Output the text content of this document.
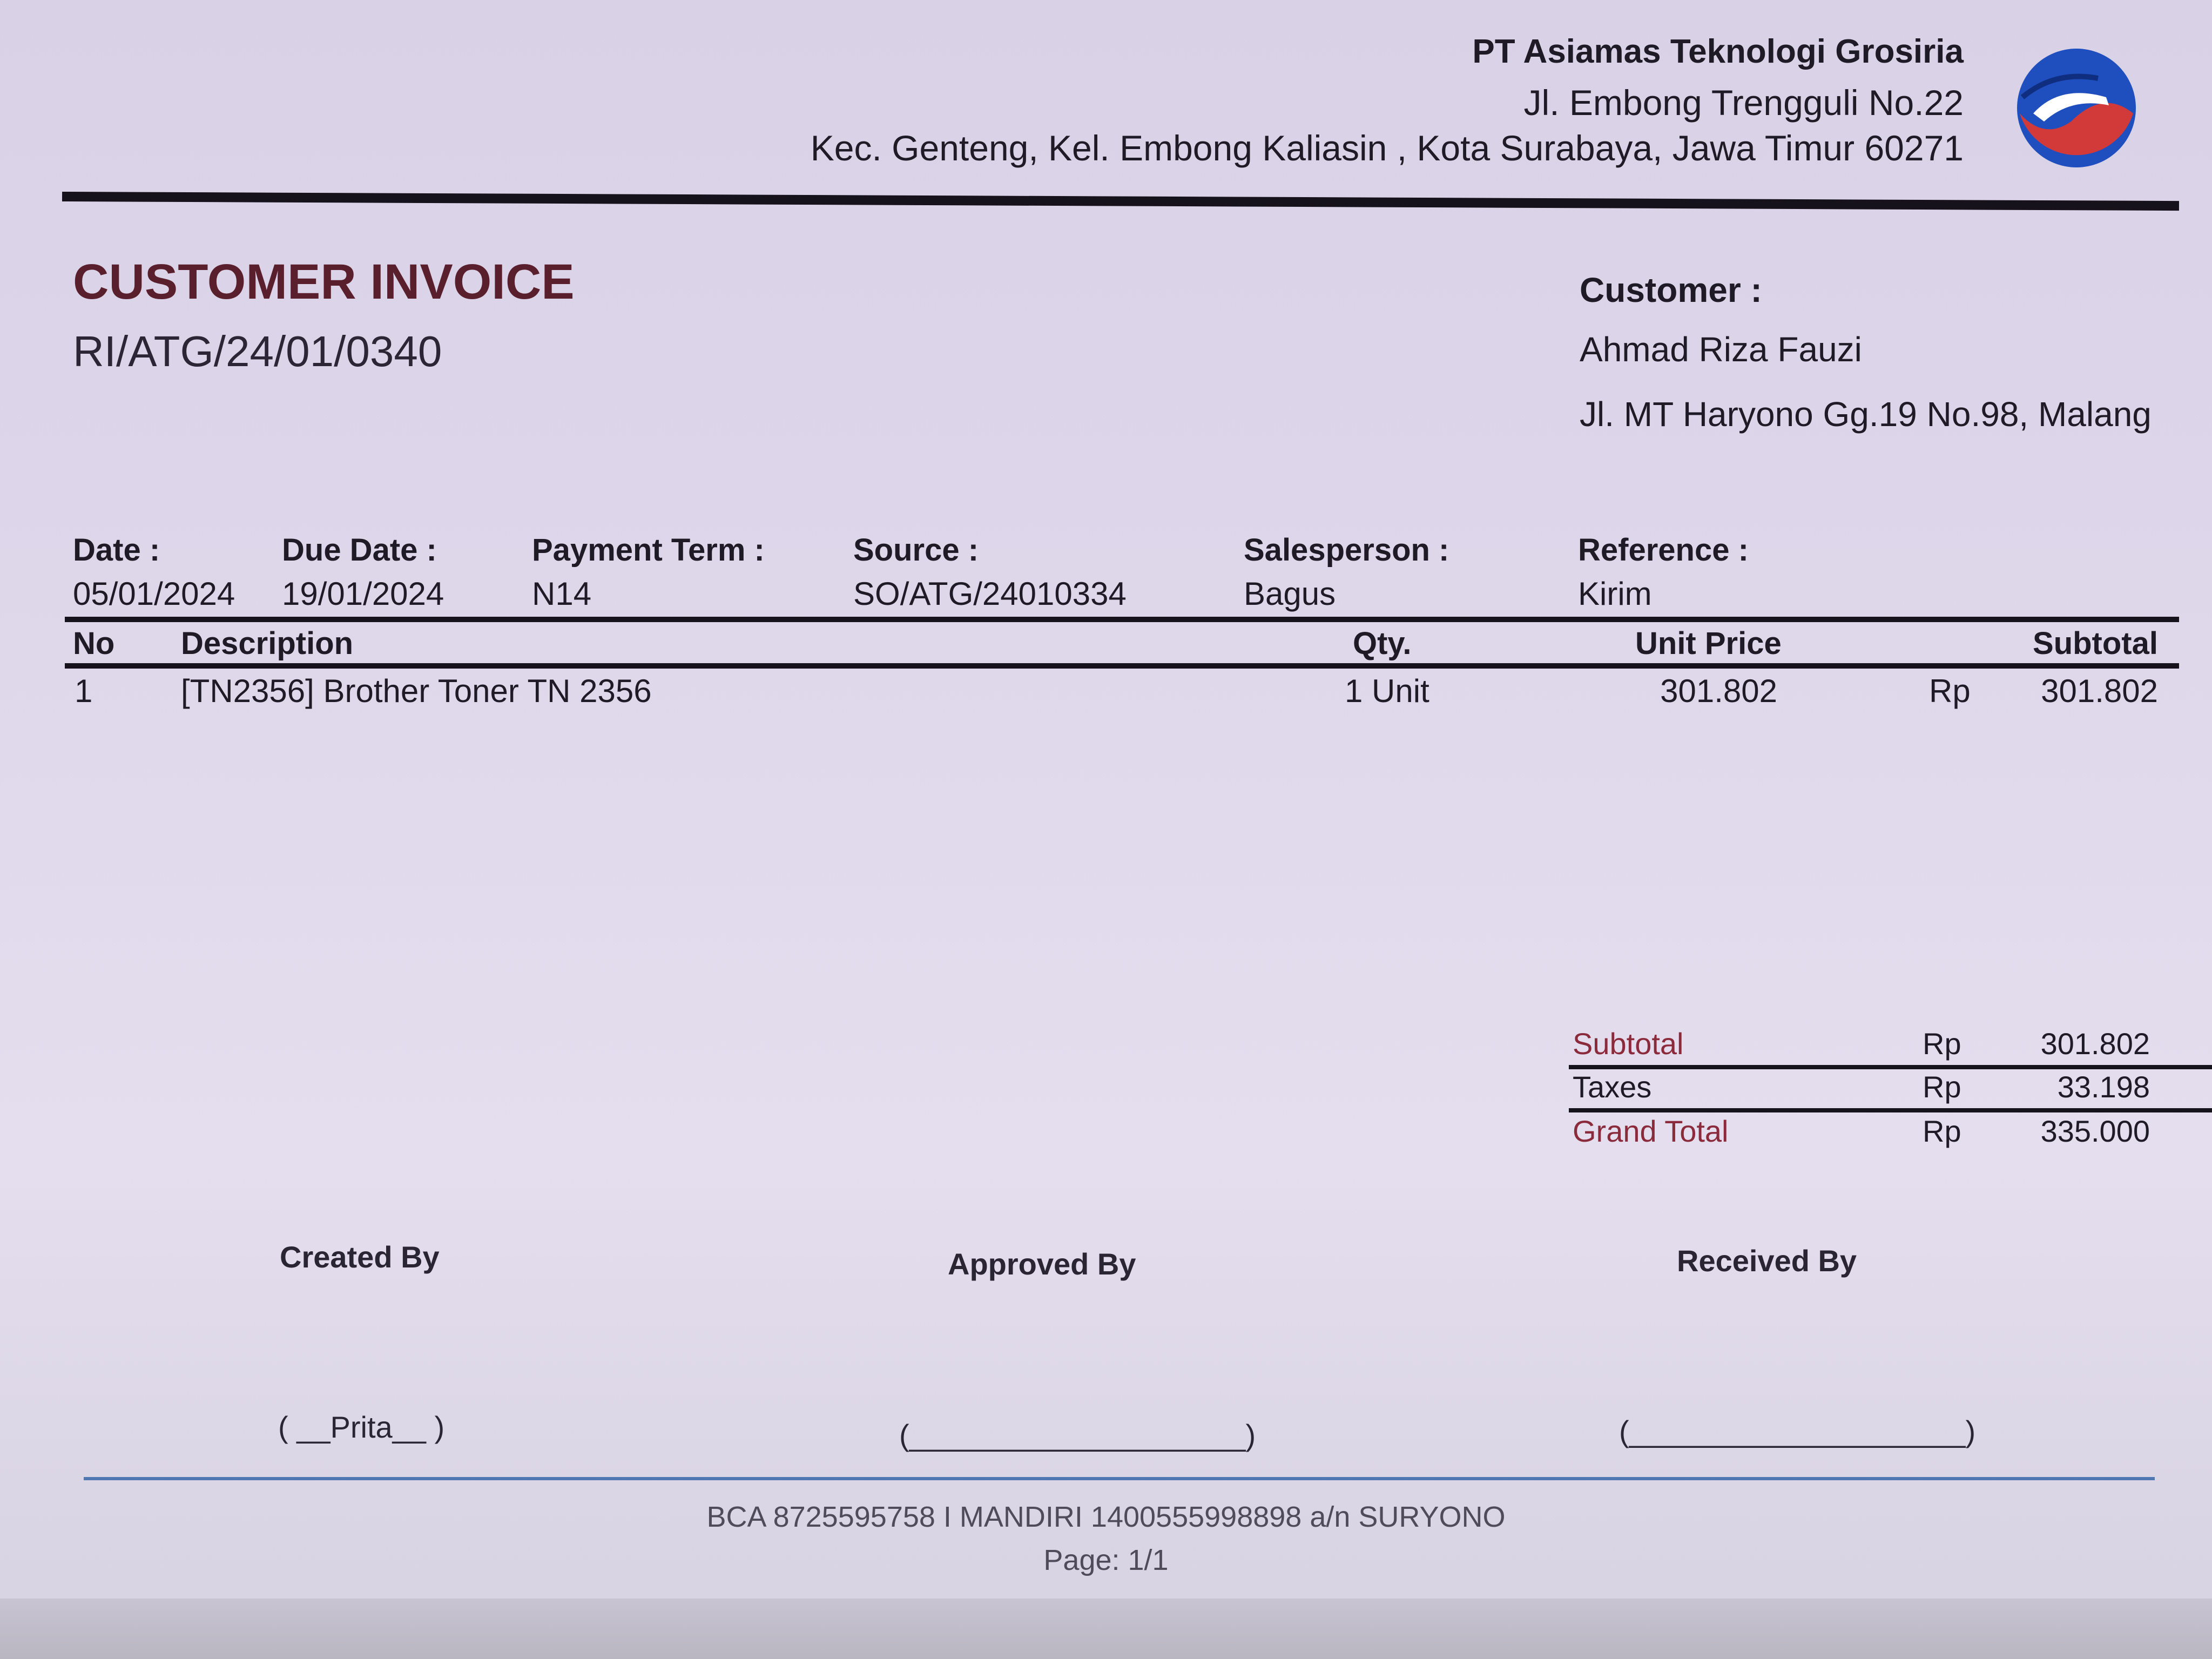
PT Asiamas Teknologi Grosiria
Jl. Embong Trengguli No.22
Kec. Genteng, Kel. Embong Kaliasin , Kota Surabaya, Jawa Timur 60271
CUSTOMER INVOICE
RI/ATG/24/01/0340
Customer :
Ahmad Riza Fauzi
Jl. MT Haryono Gg.19 No.98, Malang
Date :
05/01/2024
Due Date :
19/01/2024
Payment Term :
N14
Source :
SO/ATG/24010334
Salesperson :
Bagus
Reference :
Kirim
No Description	Qty.	Unit Price	Subtotal
1	[TN2356] Brother Toner TN 2356	1 Unit	301.802	Rp 301.802
Subtotal	Rp	301.802
Taxes	Rp	33.198
Grand Total	Rp	335.000
Created By
( __Prita__ )
Approved By
(____________________)
Received By
(____________________)
BCA 8725595758 I MANDIRI 1400555998898 a/n SURYONO
Page: 1/1
